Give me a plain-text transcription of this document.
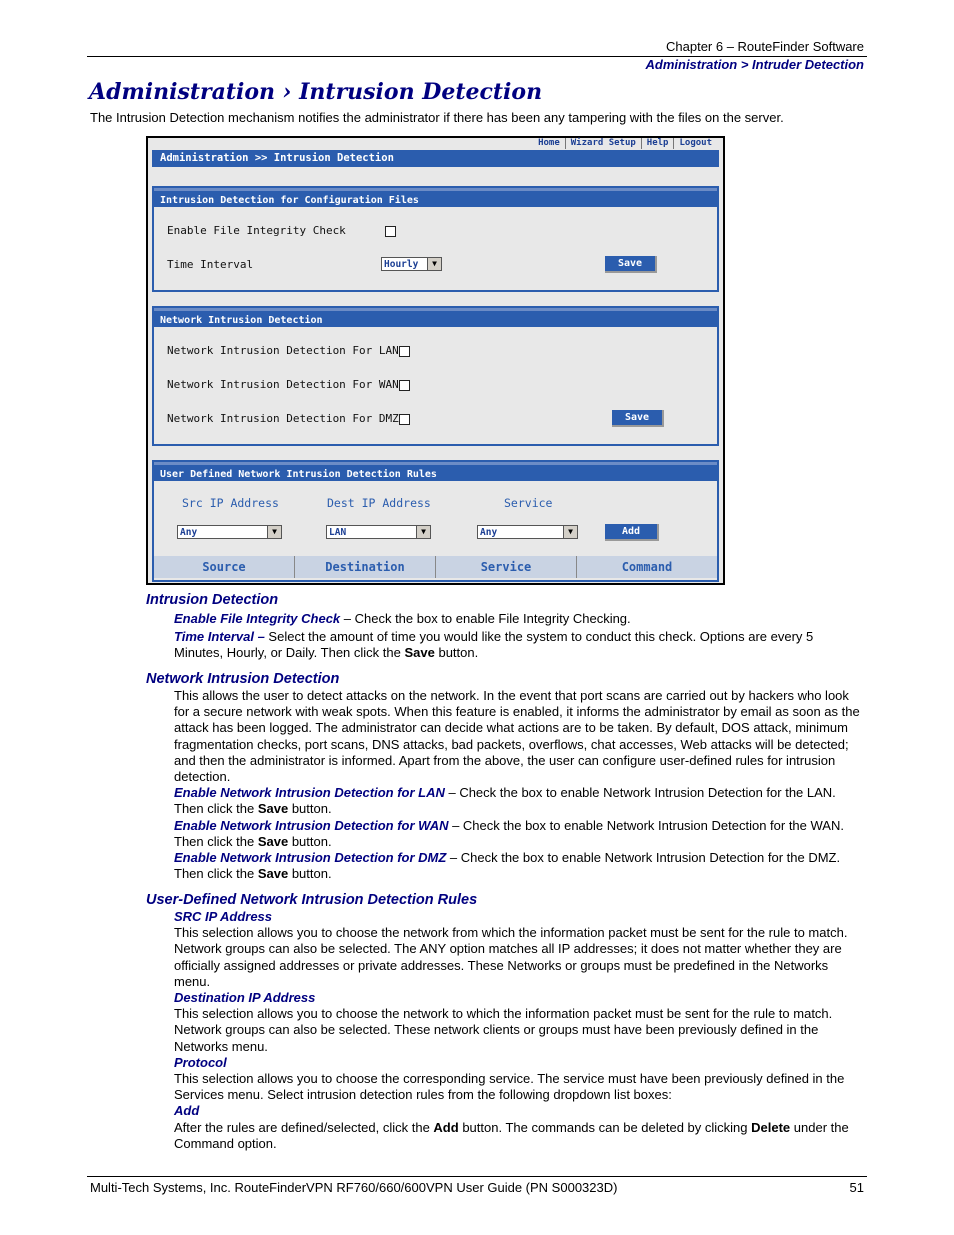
Chapter 6 – RouteFinder Software
Administration > Intruder Detection
Administration › Intrusion Detection
The Intrusion Detection mechanism notifies the administrator if there has been any tampering with the files on the server.
Home	Wizard Setup	Help	Logout
Administration >> Intrusion Detection
Intrusion Detection for Configuration Files
Enable File Integrity Check
Time Interval	Hourly	▼	Save
Network Intrusion Detection
Network Intrusion Detection For LAN
Network Intrusion Detection For WAN
Network Intrusion Detection For DMZ	Save
User Defined Network Intrusion Detection Rules
Src IP Address	Dest IP Address	Service
Any	▼	LAN	▼	Any	▼	Add
Source	Destination	Service	Command
Intrusion Detection
Enable File Integrity Check – Check the box to enable File Integrity Checking.
Time Interval – Select the amount of time you would like the system to conduct this check. Options are every 5 Minutes, Hourly, or Daily. Then click the Save button.
Network Intrusion Detection
This allows the user to detect attacks on the network. In the event that port scans are carried out by hackers who look for a secure network with weak spots. When this feature is enabled, it informs the administrator by email as soon as the attack has been logged. The administrator can decide what actions are to be taken. By default, DOS attack, minimum fragmentation checks, port scans, DNS attacks, bad packets, overflows, chat accesses, Web attacks will be detected; and then the administrator is informed. Apart from the above, the user can configure user-defined rules for intrusion detection.
Enable Network Intrusion Detection for LAN – Check the box to enable Network Intrusion Detection for the LAN. Then click the Save button.
Enable Network Intrusion Detection for WAN – Check the box to enable Network Intrusion Detection for the WAN. Then click the Save button.
Enable Network Intrusion Detection for DMZ – Check the box to enable Network Intrusion Detection for the DMZ. Then click the Save button.
User-Defined Network Intrusion Detection Rules
SRC IP Address
This selection allows you to choose the network from which the information packet must be sent for the rule to match. Network groups can also be selected. The ANY option matches all IP addresses; it does not matter whether they are officially assigned addresses or private addresses. These Networks or groups must be predefined in the Networks menu.
Destination IP Address
This selection allows you to choose the network to which the information packet must be sent for the rule to match. Network groups can also be selected. These network clients or groups must have been previously defined in the Networks menu.
Protocol
This selection allows you to choose the corresponding service. The service must have been previously defined in the Services menu. Select intrusion detection rules from the following dropdown list boxes:
Add
After the rules are defined/selected, click the Add button. The commands can be deleted by clicking Delete under the Command option.
Multi-Tech Systems, Inc. RouteFinderVPN RF760/660/600VPN User Guide (PN S000323D)	51
